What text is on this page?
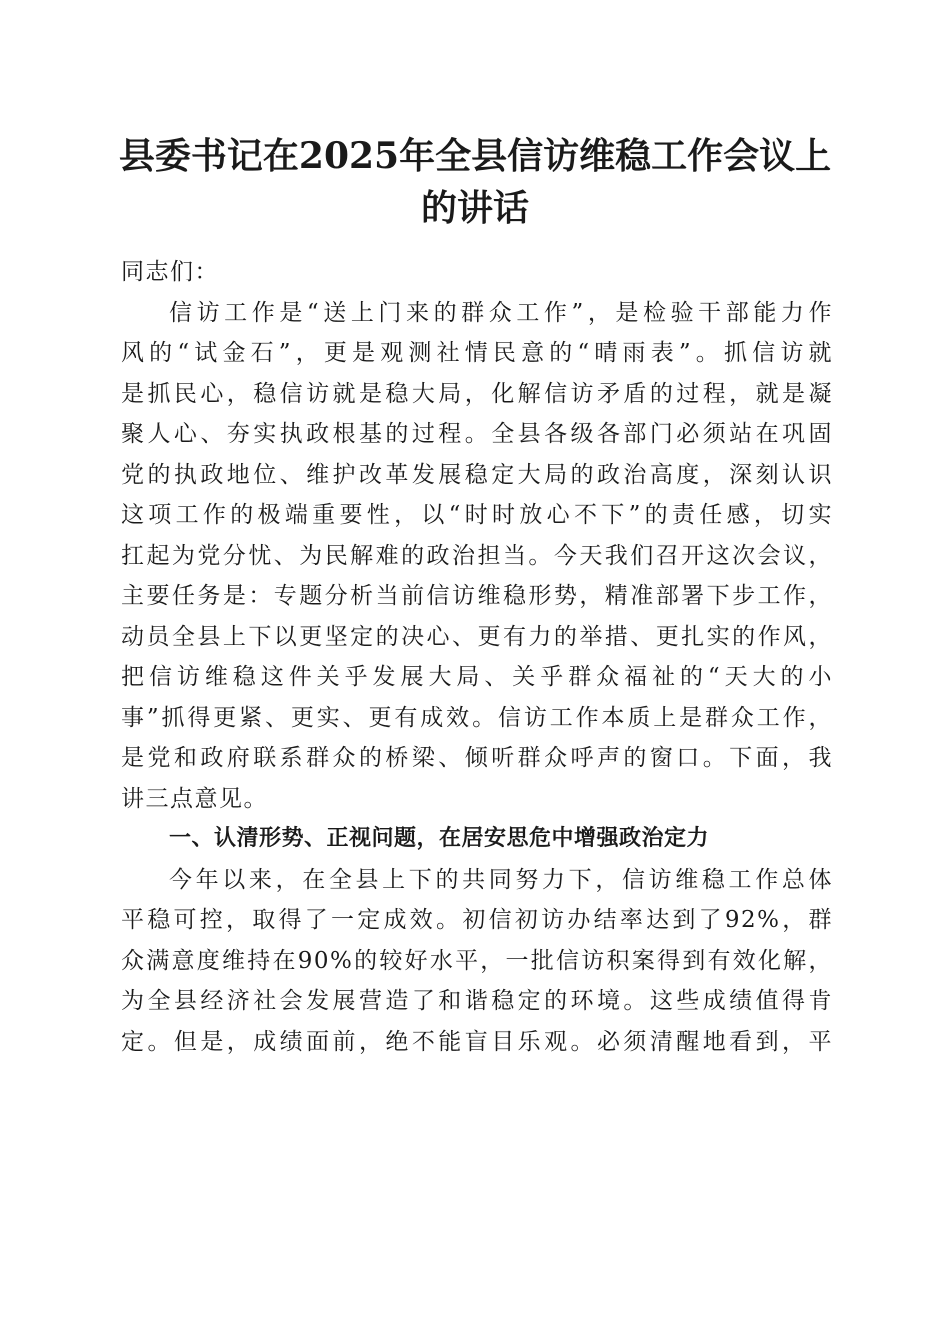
县委书记在2025年全县信访维稳工作会议上
的讲话
同志们：
信访工作是“送上门来的群众工作”，是检验干部能力作
风的“试金石”，更是观测社情民意的“晴雨表”。抓信访就
是抓民心，稳信访就是稳大局，化解信访矛盾的过程，就是凝
聚人心、夯实执政根基的过程。全县各级各部门必须站在巩固
党的执政地位、维护改革发展稳定大局的政治高度，深刻认识
这项工作的极端重要性，以“时时放心不下”的责任感，切实
扛起为党分忧、为民解难的政治担当。今天我们召开这次会议，
主要任务是：专题分析当前信访维稳形势，精准部署下步工作，
动员全县上下以更坚定的决心、更有力的举措、更扎实的作风，
把信访维稳这件关乎发展大局、关乎群众福祉的“天大的小
事”抓得更紧、更实、更有成效。信访工作本质上是群众工作，
是党和政府联系群众的桥梁、倾听群众呼声的窗口。下面，我
讲三点意见。
一、认清形势、正视问题，在居安思危中增强政治定力
今年以来，在全县上下的共同努力下，信访维稳工作总体
平稳可控，取得了一定成效。初信初访办结率达到了92%，群
众满意度维持在90%的较好水平，一批信访积案得到有效化解，
为全县经济社会发展营造了和谐稳定的环境。这些成绩值得肯
定。但是，成绩面前，绝不能盲目乐观。必须清醒地看到，平
